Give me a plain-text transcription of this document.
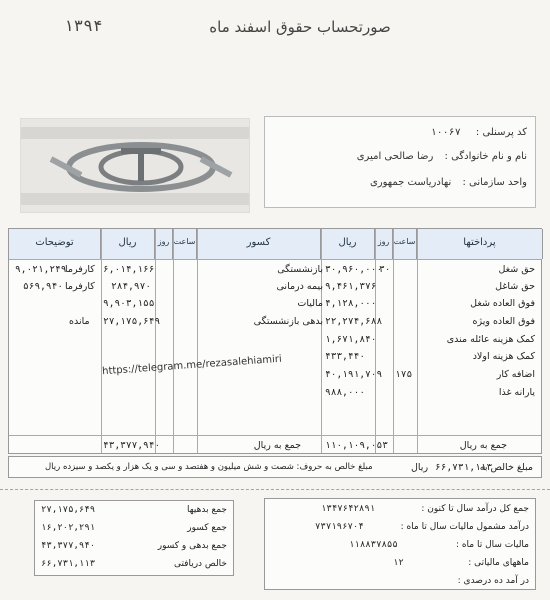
صورتحساب حقوق اسفند ماه
۱۳۹۴
کد پرسنلی : ۱۰۰۶۷
نام و نام خانوادگی : رضا صالحی امیری
واحد سازمانی : نهادریاست جمهوری
پرداختها
ساعت
روز
ریال
کسور
ساعت
روز
ریال
توضیحات
حق شغل
۳۰
۳۰,۹۶۰,۰۰۰
حق شاغل
۹,۴۶۱,۳۷۶
فوق العاده شغل
۴,۱۲۸,۰۰۰
فوق العاده ویژه
۲۲,۲۷۴,۶۸۸
کمک هزینه عائله مندی
۱,۶۷۱,۸۴۰
کمک هزینه اولاد
۴۳۳,۴۴۰
اضافه کار
۱۷۵
۴۰,۱۹۱,۷۰۹
یارانه غذا
۹۸۸,۰۰۰
بازنشستگی
۶,۰۱۴,۱۶۶
کارفرما
۹,۰۲۱,۲۴۹
بیمه درمانی
۲۸۴,۹۷۰
کارفرما
۵۶۹,۹۴۰
مالیات
۹,۹۰۳,۱۵۵
بدهی بازنشستگی
۲۷,۱۷۵,۶۴۹
مانده
جمع به ریال
۱۱۰,۱۰۹,۰۵۳
جمع به ریال
۴۳,۳۷۷,۹۴۰
https://telegram.me/rezasalehiamiri
مبلغ خالص به
۶۶,۷۳۱,۱۱۳
ریال
مبلغ خالص به حروف: شصت و شش میلیون و هفتصد و سی و یک هزار و یکصد و سیزده ریال
جمع بدهیها
۲۷,۱۷۵,۶۴۹
جمع کسور
۱۶,۲۰۲,۲۹۱
جمع بدهی و کسور
۴۳,۳۷۷,۹۴۰
خالص دریافتی
۶۶,۷۳۱,۱۱۳
جمع کل درآمد سال تا کنون :
۱۳۴۷۶۴۲۸۹۱
درآمد مشمول مالیات سال تا ماه :
۷۳۷۱۹۶۷۰۴
مالیات سال تا ماه :
۱۱۸۸۳۷۸۵۵
ماههای مالیاتی :
۱۲
در آمد ده درصدی :
